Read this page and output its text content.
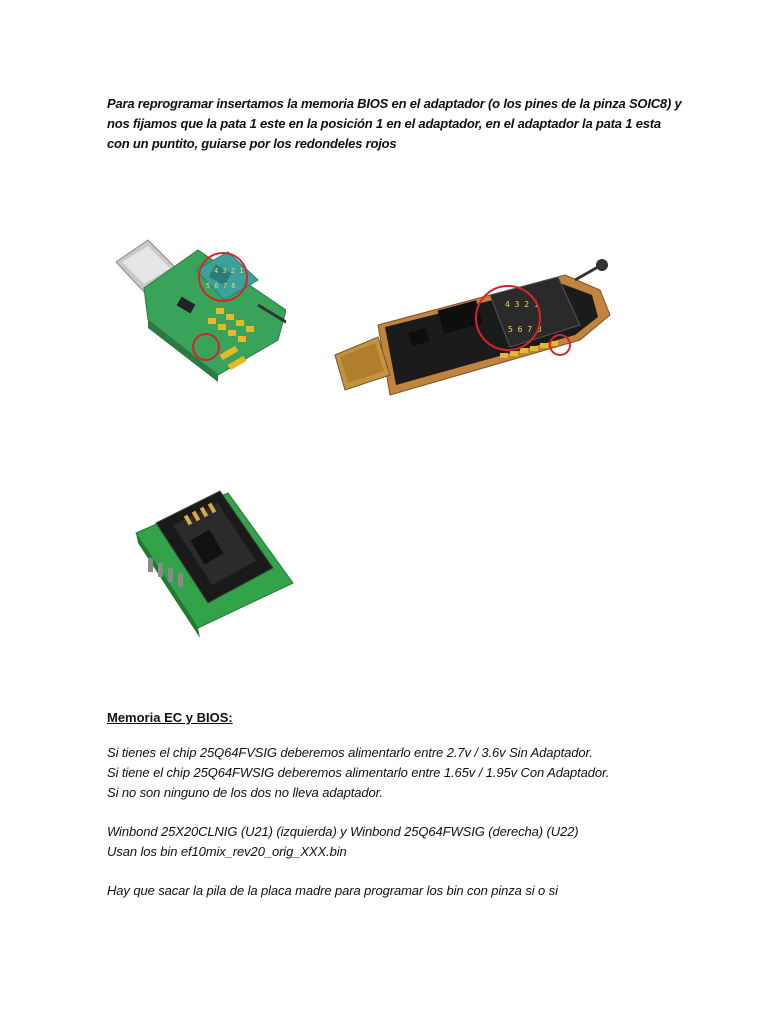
Para reprogramar insertamos la memoria BIOS en el adaptador (o los pines de la pinza SOIC8) y
nos fijamos que la pata 1 este en la posición 1 en el adaptador, en el adaptador la pata 1 esta
con un puntito, guiarse por los redondeles rojos
4 3 2 1
5 6 7 8
4 3 2 1
5 6 7 8
Memoria EC y BIOS:
Si tienes el chip 25Q64FVSIG deberemos alimentarlo entre 2.7v / 3.6v Sin Adaptador.
Si tiene el chip 25Q64FWSIG deberemos alimentarlo entre 1.65v / 1.95v Con Adaptador.
Si no son ninguno de los dos no lleva adaptador.
Winbond 25X20CLNIG (U21) (izquierda) y Winbond 25Q64FWSIG (derecha) (U22)
Usan los bin ef10mix_rev20_orig_XXX.bin
Hay que sacar la pila de la placa madre para programar los bin con pinza si o si
